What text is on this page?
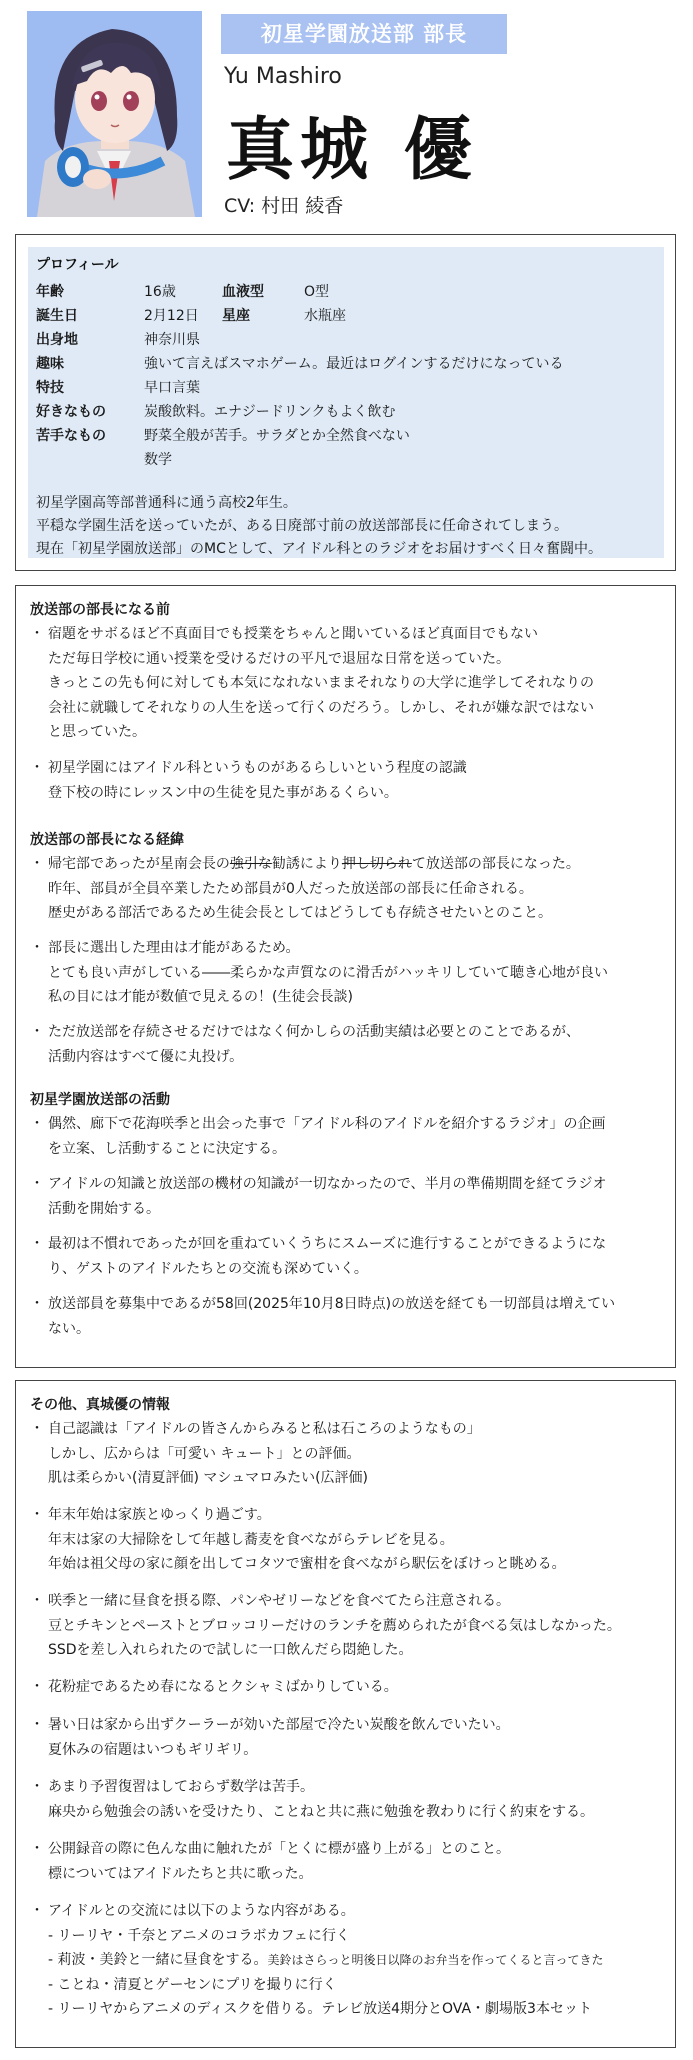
初星学園放送部 部長
Yu Mashiro
真城 優
CV: 村田 綾香
プロフィール
年齢	16歳	血液型	O型
誕生日	2月12日 星座	水瓶座
出身地	神奈川県
趣味	強いて言えばスマホゲーム。最近はログインするだけになっている
特技	早口言葉
好きなもの	炭酸飲料。エナジードリンクもよく飲む
苦手なもの	野菜全般が苦手。サラダとか全然食べない
数学
初星学園高等部普通科に通う高校2年生。
平穏な学園生活を送っていたが、ある日廃部寸前の放送部部長に任命されてしまう。
現在「初星学園放送部」のMCとして、アイドル科とのラジオをお届けすべく日々奮闘中。
放送部の部長になる前
・ 宿題をサボるほど不真面目でも授業をちゃんと聞いているほど真面目でもない
ただ毎日学校に通い授業を受けるだけの平凡で退屈な日常を送っていた。
きっとこの先も何に対しても本気になれないままそれなりの大学に進学してそれなりの
会社に就職してそれなりの人生を送って行くのだろう。しかし、それが嫌な訳ではない
と思っていた。
・ 初星学園にはアイドル科というものがあるらしいという程度の認識
登下校の時にレッスン中の生徒を見た事があるくらい。
放送部の部長になる経緯
・ 帰宅部であったが星南会長の強引な勧誘により押し切られて放送部の部長になった。
昨年、部員が全員卒業したため部員が0人だった放送部の部長に任命される。
歴史がある部活であるため生徒会長としてはどうしても存続させたいとのこと。
・ 部長に選出した理由は才能があるため。
とても良い声がしている――柔らかな声質なのに滑舌がハッキリしていて聴き心地が良い
私の目には才能が数値で見えるの！(生徒会長談)
・ ただ放送部を存続させるだけではなく何かしらの活動実績は必要とのことであるが、
活動内容はすべて優に丸投げ。
初星学園放送部の活動
・ 偶然、廊下で花海咲季と出会った事で「アイドル科のアイドルを紹介するラジオ」の企画
を立案、し活動することに決定する。
・ アイドルの知識と放送部の機材の知識が一切なかったので、半月の準備期間を経てラジオ
活動を開始する。
・ 最初は不慣れであったが回を重ねていくうちにスムーズに進行することができるようにな
り、ゲストのアイドルたちとの交流も深めていく。
・ 放送部員を募集中であるが58回(2025年10月8日時点)の放送を経ても一切部員は増えてい
ない。
その他、真城優の情報
・ 自己認識は「アイドルの皆さんからみると私は石ころのようなもの」
しかし、広からは「可愛い キュート」との評価。
肌は柔らかい(清夏評価) マシュマロみたい(広評価)
・ 年末年始は家族とゆっくり過ごす。
年末は家の大掃除をして年越し蕎麦を食べながらテレビを見る。
年始は祖父母の家に顔を出してコタツで蜜柑を食べながら駅伝をぼけっと眺める。
・ 咲季と一緒に昼食を摂る際、パンやゼリーなどを食べてたら注意される。
豆とチキンとペーストとブロッコリーだけのランチを薦められたが食べる気はしなかった。
SSDを差し入れられたので試しに一口飲んだら悶絶した。
・ 花粉症であるため春になるとクシャミばかりしている。
・ 暑い日は家から出ずクーラーが効いた部屋で冷たい炭酸を飲んでいたい。
夏休みの宿題はいつもギリギリ。
・ あまり予習復習はしておらず数学は苦手。
麻央から勉強会の誘いを受けたり、ことねと共に燕に勉強を教わりに行く約束をする。
・ 公開録音の際に色んな曲に触れたが「とくに標が盛り上がる」とのこと。
標についてはアイドルたちと共に歌った。
・ アイドルとの交流には以下のような内容がある。
- リーリヤ・千奈とアニメのコラボカフェに行く
- 莉波・美鈴と一緒に昼食をする。美鈴はさらっと明後日以降のお弁当を作ってくると言ってきた
- ことね・清夏とゲーセンにプリを撮りに行く
- リーリヤからアニメのディスクを借りる。テレビ放送4期分とOVA・劇場版3本セット
